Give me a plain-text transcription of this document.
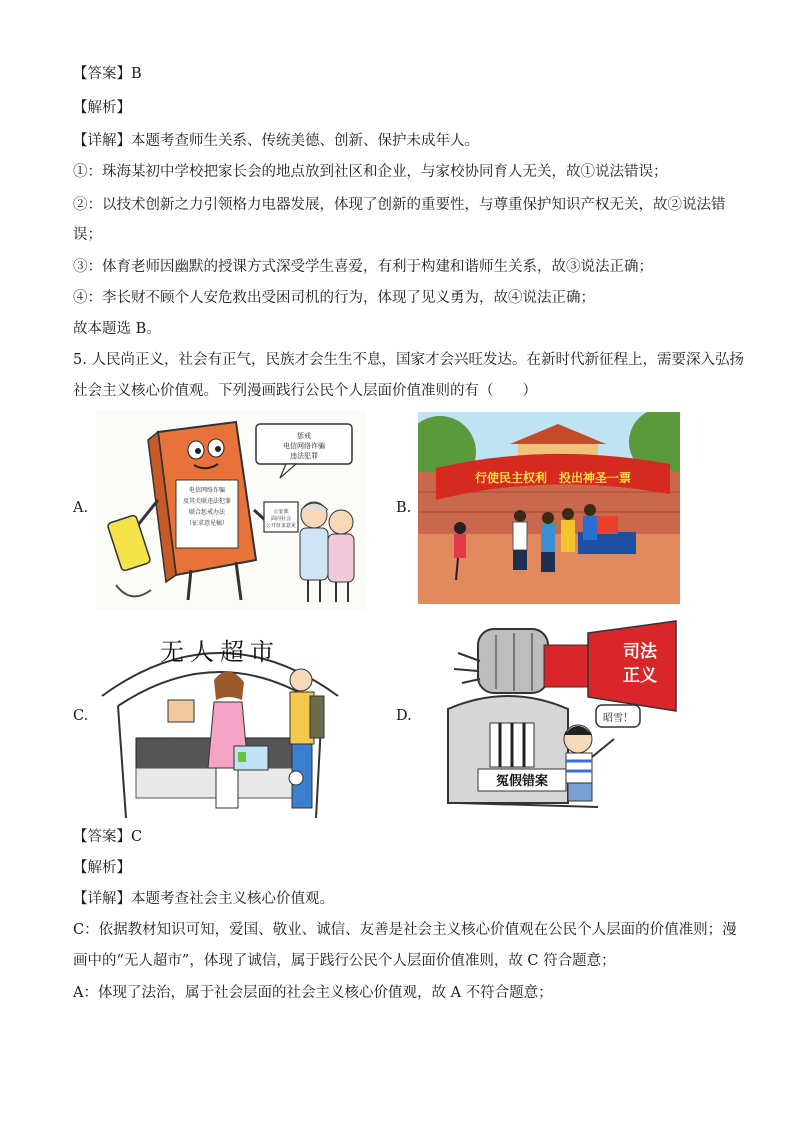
【答案】B
【解析】
【详解】本题考查师生关系、传统美德、创新、保护未成年人。
①：珠海某初中学校把家长会的地点放到社区和企业，与家校协同育人无关，故①说法错误；
②：以技术创新之力引领格力电器发展，体现了创新的重要性，与尊重保护知识产权无关，故②说法错
误；
③：体育老师因幽默的授课方式深受学生喜爱，有利于构建和谐师生关系，故③说法正确；
④：李长财不顾个人安危救出受困司机的行为，体现了见义勇为，故④说法正确；
故本题选 B。
5. 人民尚正义，社会有正气，民族才会生生不息，国家才会兴旺发达。在新时代新征程上，需要深入弘扬
社会主义核心价值观。下列漫画践行公民个人层面价值准则的有（　　）
A.
电信网络诈骗
及其关联违法犯罪
联合惩戒办法
（征求意见稿）
惩戒
电信网络诈骗
违法犯罪
公安部
面向社会
公开征求意见
B.
行使民主权利　投出神圣一票
C.
无人超市
D.
司法
正义
冤假错案
昭雪！
【答案】C
【解析】
【详解】本题考查社会主义核心价值观。
C：依据教材知识可知，爱国、敬业、诚信、友善是社会主义核心价值观在公民个人层面的价值准则；漫
画中的“无人超市”，体现了诚信，属于践行公民个人层面价值准则，故 C 符合题意；
A：体现了法治，属于社会层面的社会主义核心价值观，故 A 不符合题意；
